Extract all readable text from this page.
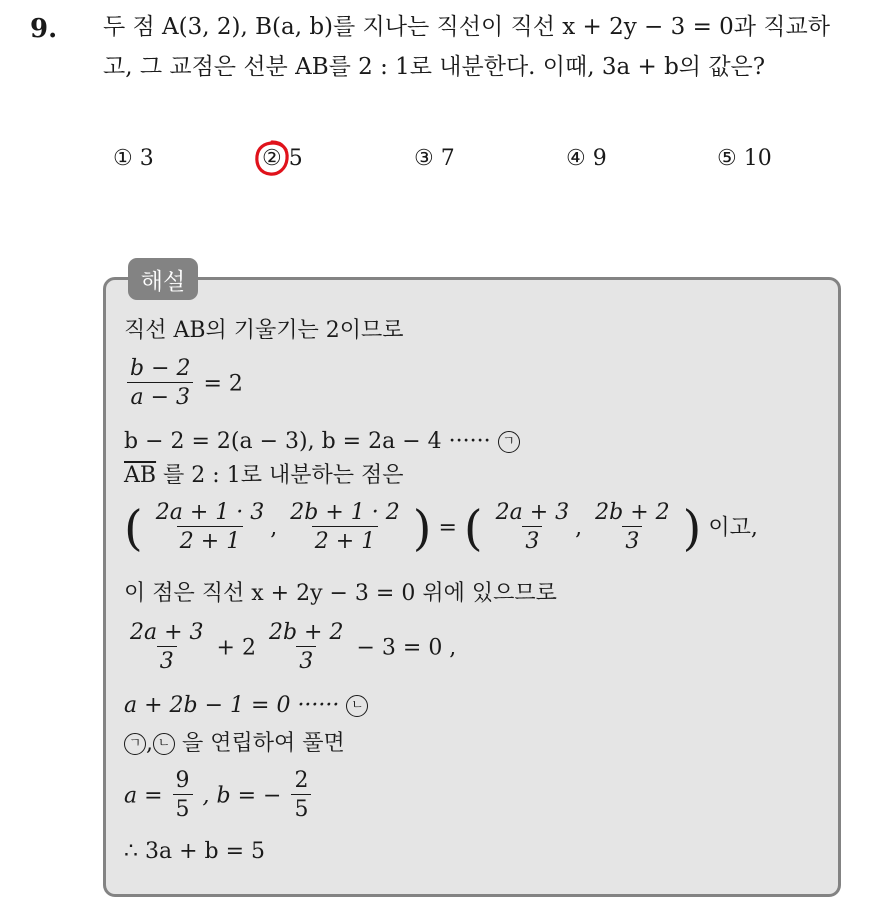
9. 두 점 A(3, 2), B(a, b)를 지나는 직선이 직선 x + 2y − 3 = 0과 직교하
고, 그 교점은 선분 AB를 2 : 1로 내분한다. 이때, 3a + b의 값은?
① 3	② 5	③ 7	④ 9	⑤ 10
해설
직선 AB의 기울기는 2이므로
$\frac{b - 2}{a - 3} = 2$
b − 2 = 2(a − 3), b = 2a − 4 ······ ㄱ
$\overline{AB}$ 를 2 : 1로 내분하는 점은
( $\frac{2a + 1 \cdot 3}{2 + 1}$ , $\frac{2b + 1 \cdot 2}{2 + 1}$ ) = ( $\frac{2a + 3}{3}$ , $\frac{2b + 2}{3}$ ) 이고,
이 점은 직선 x + 2y − 3 = 0 위에 있으므로
$\frac{2a + 3}{3} + 2 \frac{2b + 2}{3} - 3 = 0$ ,
a + 2b − 1 = 0 ······ ㄴ
ㄱ , ㄴ 을 연립하여 풀면
$a = \frac{9}{5}$ , b = − $\frac{2}{5}$
∴ 3a + b = 5
